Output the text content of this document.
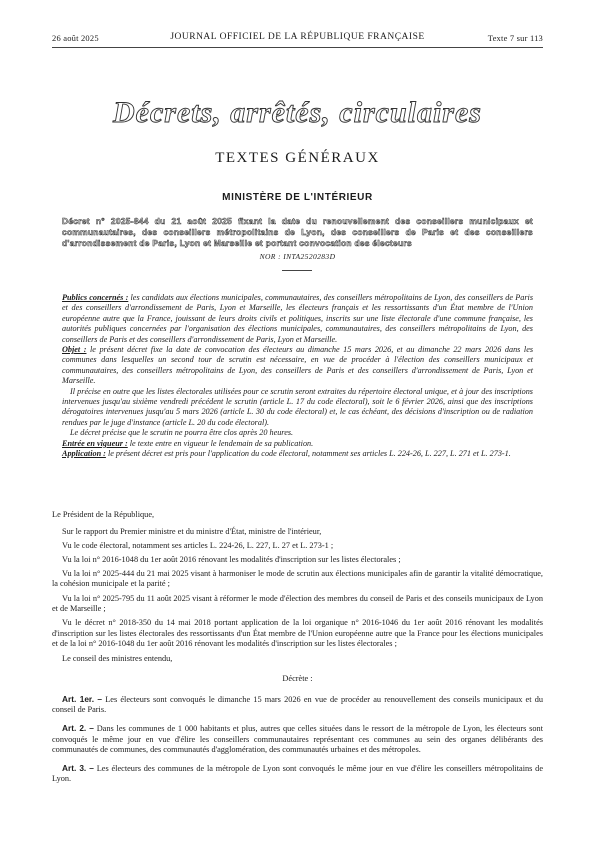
26 août 2025	JOURNAL OFFICIEL DE LA RÉPUBLIQUE FRANÇAISE	Texte 7 sur 113
Décrets, arrêtés, circulaires
TEXTES GÉNÉRAUX
MINISTÈRE DE L'INTÉRIEUR
Décret n° 2025-844 du 21 août 2025 fixant la date du renouvellement des conseillers municipaux et communautaires, des conseillers métropolitains de Lyon, des conseillers de Paris et des conseillers d'arrondissement de Paris, Lyon et Marseille et portant convocation des électeurs
NOR : INTA2520283D

Publics concernés : les candidats aux élections municipales, communautaires, des conseillers métropolitains de Lyon, des conseillers de Paris et des conseillers d'arrondissement de Paris, Lyon et Marseille, les électeurs français et les ressortissants d'un État membre de l'Union européenne autre que la France, jouissant de leurs droits civils et politiques, inscrits sur une liste électorale d'une commune française, les autorités publiques concernées par l'organisation des élections municipales, communautaires, des conseillers métropolitains de Lyon, des conseillers de Paris et des conseillers d'arrondissement de Paris, Lyon et Marseille.

Objet : le présent décret fixe la date de convocation des électeurs au dimanche 15 mars 2026, et au dimanche 22 mars 2026 dans les communes dans lesquelles un second tour de scrutin est nécessaire, en vue de procéder à l'élection des conseillers municipaux et communautaires, des conseillers métropolitains de Lyon, des conseillers de Paris et des conseillers d'arrondissement de Paris, Lyon et Marseille.

Il précise en outre que les listes électorales utilisées pour ce scrutin seront extraites du répertoire électoral unique, et à jour des inscriptions intervenues jusqu'au sixième vendredi précédent le scrutin (article L. 17 du code électoral), soit le 6 février 2026, ainsi que des inscriptions dérogatoires intervenues jusqu'au 5 mars 2026 (article L. 30 du code électoral) et, le cas échéant, des décisions d'inscription ou de radiation rendues par le juge d'instance (article L. 20 du code électoral).

Le décret précise que le scrutin ne pourra être clos après 20 heures.

Entrée en vigueur : le texte entre en vigueur le lendemain de sa publication.

Application : le présent décret est pris pour l'application du code électoral, notamment ses articles L. 224-26, L. 227, L. 271 et L. 273-1.

Le Président de la République,

Sur le rapport du Premier ministre et du ministre d'État, ministre de l'intérieur,

Vu le code électoral, notamment ses articles L. 224-26, L. 227, L. 27 et L. 273-1 ;

Vu la loi n° 2016-1048 du 1er août 2016 rénovant les modalités d'inscription sur les listes électorales ;

Vu la loi n° 2025-444 du 21 mai 2025 visant à harmoniser le mode de scrutin aux élections municipales afin de garantir la vitalité démocratique, la cohésion municipale et la parité ;

Vu la loi n° 2025-795 du 11 août 2025 visant à réformer le mode d'élection des membres du conseil de Paris et des conseils municipaux de Lyon et de Marseille ;

Vu le décret n° 2018-350 du 14 mai 2018 portant application de la loi organique n° 2016-1046 du 1er août 2016 rénovant les modalités d'inscription sur les listes électorales des ressortissants d'un État membre de l'Union européenne autre que la France pour les élections municipales et de la loi n° 2016-1048 du 1er août 2016 rénovant les modalités d'inscription sur les listes électorales ;

Le conseil des ministres entendu,

Décrète :

Art. 1er. – Les électeurs sont convoqués le dimanche 15 mars 2026 en vue de procéder au renouvellement des conseils municipaux et du conseil de Paris.

Art. 2. – Dans les communes de 1 000 habitants et plus, autres que celles situées dans le ressort de la métropole de Lyon, les électeurs sont convoqués le même jour en vue d'élire les conseillers communautaires représentant ces communes au sein des organes délibérants des communautés de communes, des communautés d'agglomération, des communautés urbaines et des métropoles.

Art. 3. – Les électeurs des communes de la métropole de Lyon sont convoqués le même jour en vue d'élire les conseillers métropolitains de Lyon.
